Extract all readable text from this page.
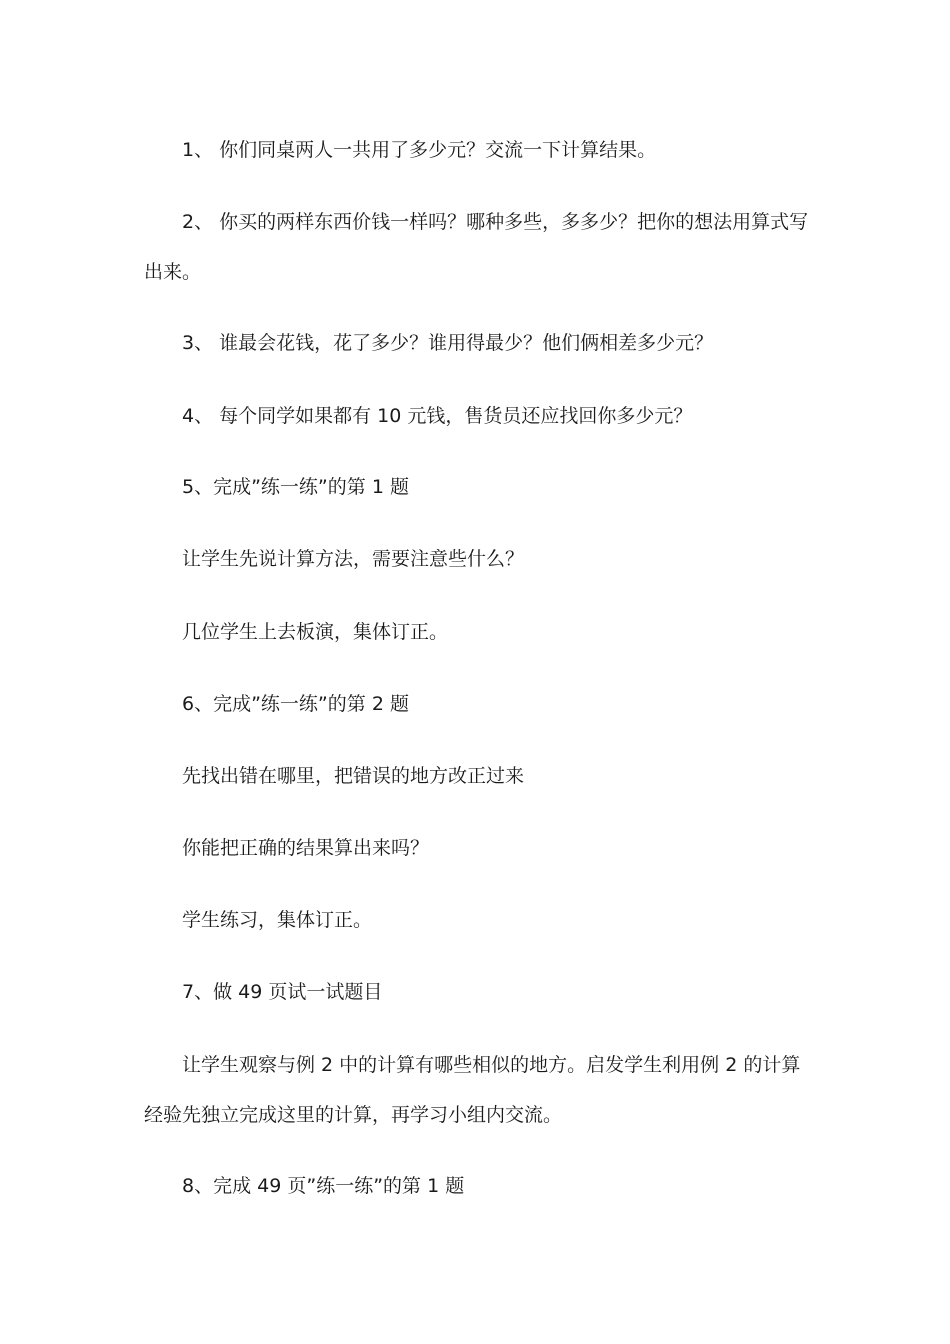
1、 你们同桌两人一共用了多少元？交流一下计算结果。

2、 你买的两样东西价钱一样吗？哪种多些，多多少？把你的想法用算式写出来。

3、 谁最会花钱，花了多少？谁用得最少？他们俩相差多少元？

4、 每个同学如果都有 10 元钱，售货员还应找回你多少元？

5、完成”练一练”的第 1 题

让学生先说计算方法，需要注意些什么？

几位学生上去板演，集体订正。

6、完成”练一练”的第 2 题

先找出错在哪里，把错误的地方改正过来

你能把正确的结果算出来吗？

学生练习，集体订正。

7、做 49 页试一试题目

让学生观察与例 2 中的计算有哪些相似的地方。启发学生利用例 2 的计算经验先独立完成这里的计算，再学习小组内交流。

8、完成 49 页”练一练”的第 1 题
